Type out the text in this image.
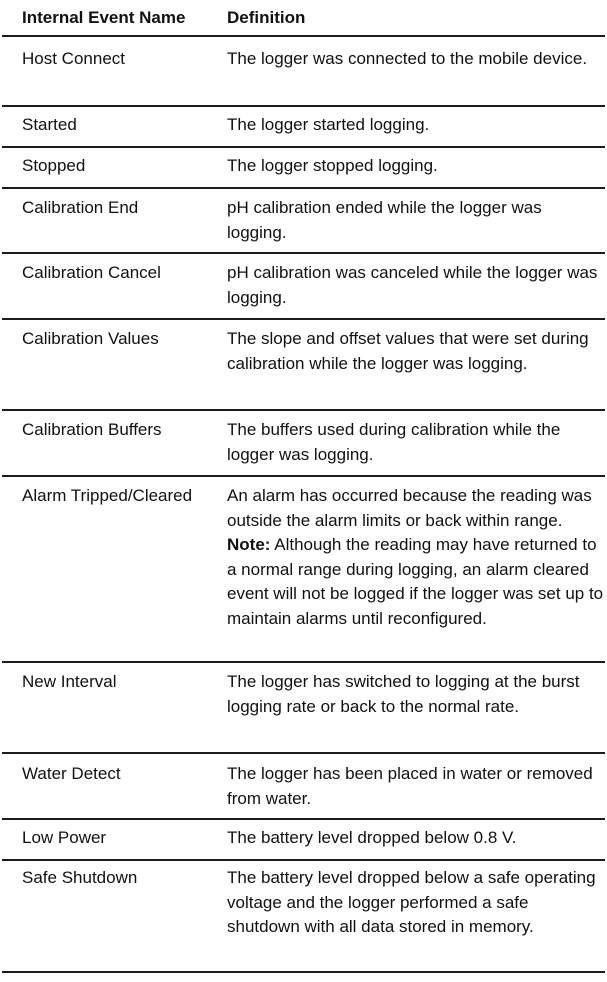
Internal Event Name	Definition
Host Connect	The logger was connected to the mobile device.
Started	The logger started logging.
Stopped	The logger stopped logging.
Calibration End	pH calibration ended while the logger was logging.
Calibration Cancel	pH calibration was canceled while the logger was logging.
Calibration Values	The slope and offset values that were set during calibration while the logger was logging.
Calibration Buffers	The buffers used during calibration while the logger was logging.
Alarm Tripped/Cleared	An alarm has occurred because the reading was outside the alarm limits or back within range. Note: Although the reading may have returned to a normal range during logging, an alarm cleared event will not be logged if the logger was set up to maintain alarms until reconfigured.
New Interval	The logger has switched to logging at the burst logging rate or back to the normal rate.
Water Detect	The logger has been placed in water or removed from water.
Low Power	The battery level dropped below 0.8 V.
Safe Shutdown	The battery level dropped below a safe operating voltage and the logger performed a safe shutdown with all data stored in memory.
